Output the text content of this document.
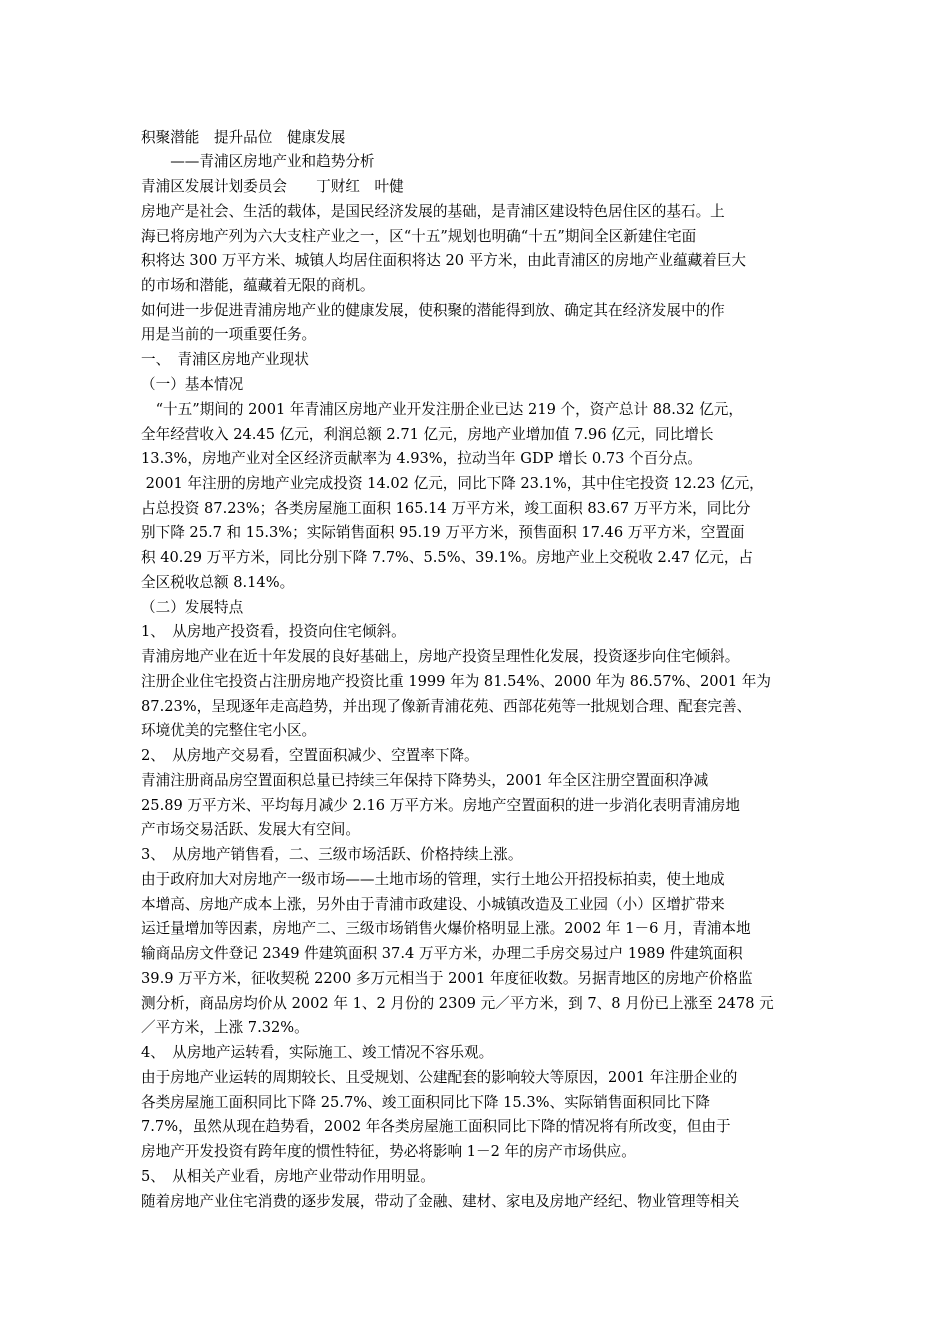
积聚潜能　提升品位　健康发展
　　——青浦区房地产业和趋势分析
青浦区发展计划委员会　　丁财红　叶健
房地产是社会、生活的载体，是国民经济发展的基础，是青浦区建设特色居住区的基石。上
海已将房地产列为六大支柱产业之一，区“十五”规划也明确“十五”期间全区新建住宅面
积将达 300 万平方米、城镇人均居住面积将达 20 平方米，由此青浦区的房地产业蕴藏着巨大
的市场和潜能，蕴藏着无限的商机。
如何进一步促进青浦房地产业的健康发展，使积聚的潜能得到放、确定其在经济发展中的作
用是当前的一项重要任务。
一、　青浦区房地产业现状
（一）基本情况
　“十五”期间的 2001 年青浦区房地产业开发注册企业已达 219 个，资产总计 88.32 亿元，
全年经营收入 24.45 亿元，利润总额 2.71 亿元，房地产业增加值 7.96 亿元，同比增长
13.3%，房地产业对全区经济贡献率为 4.93%，拉动当年 GDP 增长 0.73 个百分点。
2001 年注册的房地产业完成投资 14.02 亿元，同比下降 23.1%，其中住宅投资 12.23 亿元，
占总投资 87.23%；各类房屋施工面积 165.14 万平方米，竣工面积 83.67 万平方米，同比分
别下降 25.7 和 15.3%；实际销售面积 95.19 万平方米，预售面积 17.46 万平方米，空置面
积 40.29 万平方米，同比分别下降 7.7%、5.5%、39.1%。房地产业上交税收 2.47 亿元，占
全区税收总额 8.14%。
（二）发展特点
1、　从房地产投资看，投资向住宅倾斜。
青浦房地产业在近十年发展的良好基础上，房地产投资呈理性化发展，投资逐步向住宅倾斜。
注册企业住宅投资占注册房地产投资比重 1999 年为 81.54%、2000 年为 86.57%、2001 年为
87.23%，呈现逐年走高趋势，并出现了像新青浦花苑、西部花苑等一批规划合理、配套完善、
环境优美的完整住宅小区。
2、　从房地产交易看，空置面积减少、空置率下降。
青浦注册商品房空置面积总量已持续三年保持下降势头，2001 年全区注册空置面积净减
25.89 万平方米、平均每月减少 2.16 万平方米。房地产空置面积的进一步消化表明青浦房地
产市场交易活跃、发展大有空间。
3、　从房地产销售看，二、三级市场活跃、价格持续上涨。
由于政府加大对房地产一级市场——土地市场的管理，实行土地公开招投标拍卖，使土地成
本增高、房地产成本上涨，另外由于青浦市政建设、小城镇改造及工业园（小）区增扩带来
运迁量增加等因素，房地产二、三级市场销售火爆价格明显上涨。2002 年 1－6 月，青浦本地
输商品房文件登记 2349 件建筑面积 37.4 万平方米，办理二手房交易过户 1989 件建筑面积
39.9 万平方米，征收契税 2200 多万元相当于 2001 年度征收数。另据青地区的房地产价格监
测分析，商品房均价从 2002 年 1、2 月份的 2309 元／平方米，到 7、8 月份已上涨至 2478 元
／平方米，上涨 7.32%。
4、　从房地产运转看，实际施工、竣工情况不容乐观。
由于房地产业运转的周期较长、且受规划、公建配套的影响较大等原因，2001 年注册企业的
各类房屋施工面积同比下降 25.7%、竣工面积同比下降 15.3%、实际销售面积同比下降
7.7%，虽然从现在趋势看，2002 年各类房屋施工面积同比下降的情况将有所改变，但由于
房地产开发投资有跨年度的惯性特征，势必将影响 1－2 年的房产市场供应。
5、　从相关产业看，房地产业带动作用明显。
随着房地产业住宅消费的逐步发展，带动了金融、建材、家电及房地产经纪、物业管理等相关
